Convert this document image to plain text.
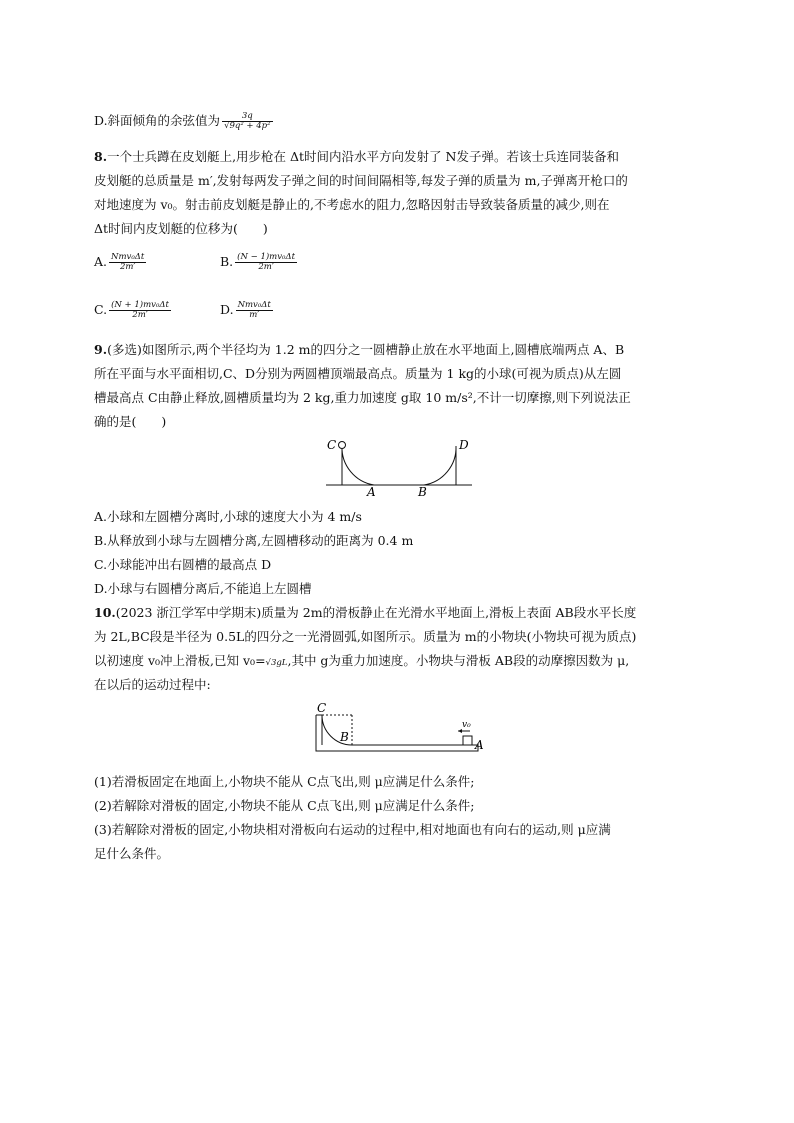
D.斜面倾角的余弦值为 $\frac{3q}{\text{√9q² + 4p²}}$
8.一个士兵蹲在皮划艇上,用步枪在 Δt时间内沿水平方向发射了 N发子弹。若该士兵连同装备和
皮划艇的总质量是 m′,发射每两发子弹之间的时间间隔相等,每发子弹的质量为 m,子弹离开枪口的
对地速度为 v₀。射击前皮划艇是静止的,不考虑水的阻力,忽略因射击导致装备质量的减少,则在
Δt时间内皮划艇的位移为(　　)
A. $\frac{\text{Nmv₀Δt}}{2m'}$	B. $\frac{\text{(N − 1)mv₀Δt}}{2m'}$
C. $\frac{\text{(N + 1)mv₀Δt}}{2m'}$	D. $\frac{\text{Nmv₀Δt}}{m'}$
9.(多选)如图所示,两个半径均为 1.2 m的四分之一圆槽静止放在水平地面上,圆槽底端两点 A、B
所在平面与水平面相切,C、D分别为两圆槽顶端最高点。质量为 1 kg的小球(可视为质点)从左圆
槽最高点 C由静止释放,圆槽质量均为 2 kg,重力加速度 g取 10 m/s²,不计一切摩擦,则下列说法正
确的是(　　)
C	D
A	B
A.小球和左圆槽分离时,小球的速度大小为 4 m/s
B.从释放到小球与左圆槽分离,左圆槽移动的距离为 0.4 m
C.小球能冲出右圆槽的最高点 D
D.小球与右圆槽分离后,不能追上左圆槽
10.(2023 浙江学军中学期末)质量为 2m的滑板静止在光滑水平地面上,滑板上表面 AB段水平长度
为 2L,BC段是半径为 0.5L的四分之一光滑圆弧,如图所示。质量为 m的小物块(小物块可视为质点)
以初速度 v₀冲上滑板,已知 v₀=√3gL,其中 g为重力加速度。小物块与滑板 AB段的动摩擦因数为 μ,
在以后的运动过程中:
v₀
C
B
A
(1)若滑板固定在地面上,小物块不能从 C点飞出,则 μ应满足什么条件;
(2)若解除对滑板的固定,小物块不能从 C点飞出,则 μ应满足什么条件;
(3)若解除对滑板的固定,小物块相对滑板向右运动的过程中,相对地面也有向右的运动,则 μ应满
足什么条件。
